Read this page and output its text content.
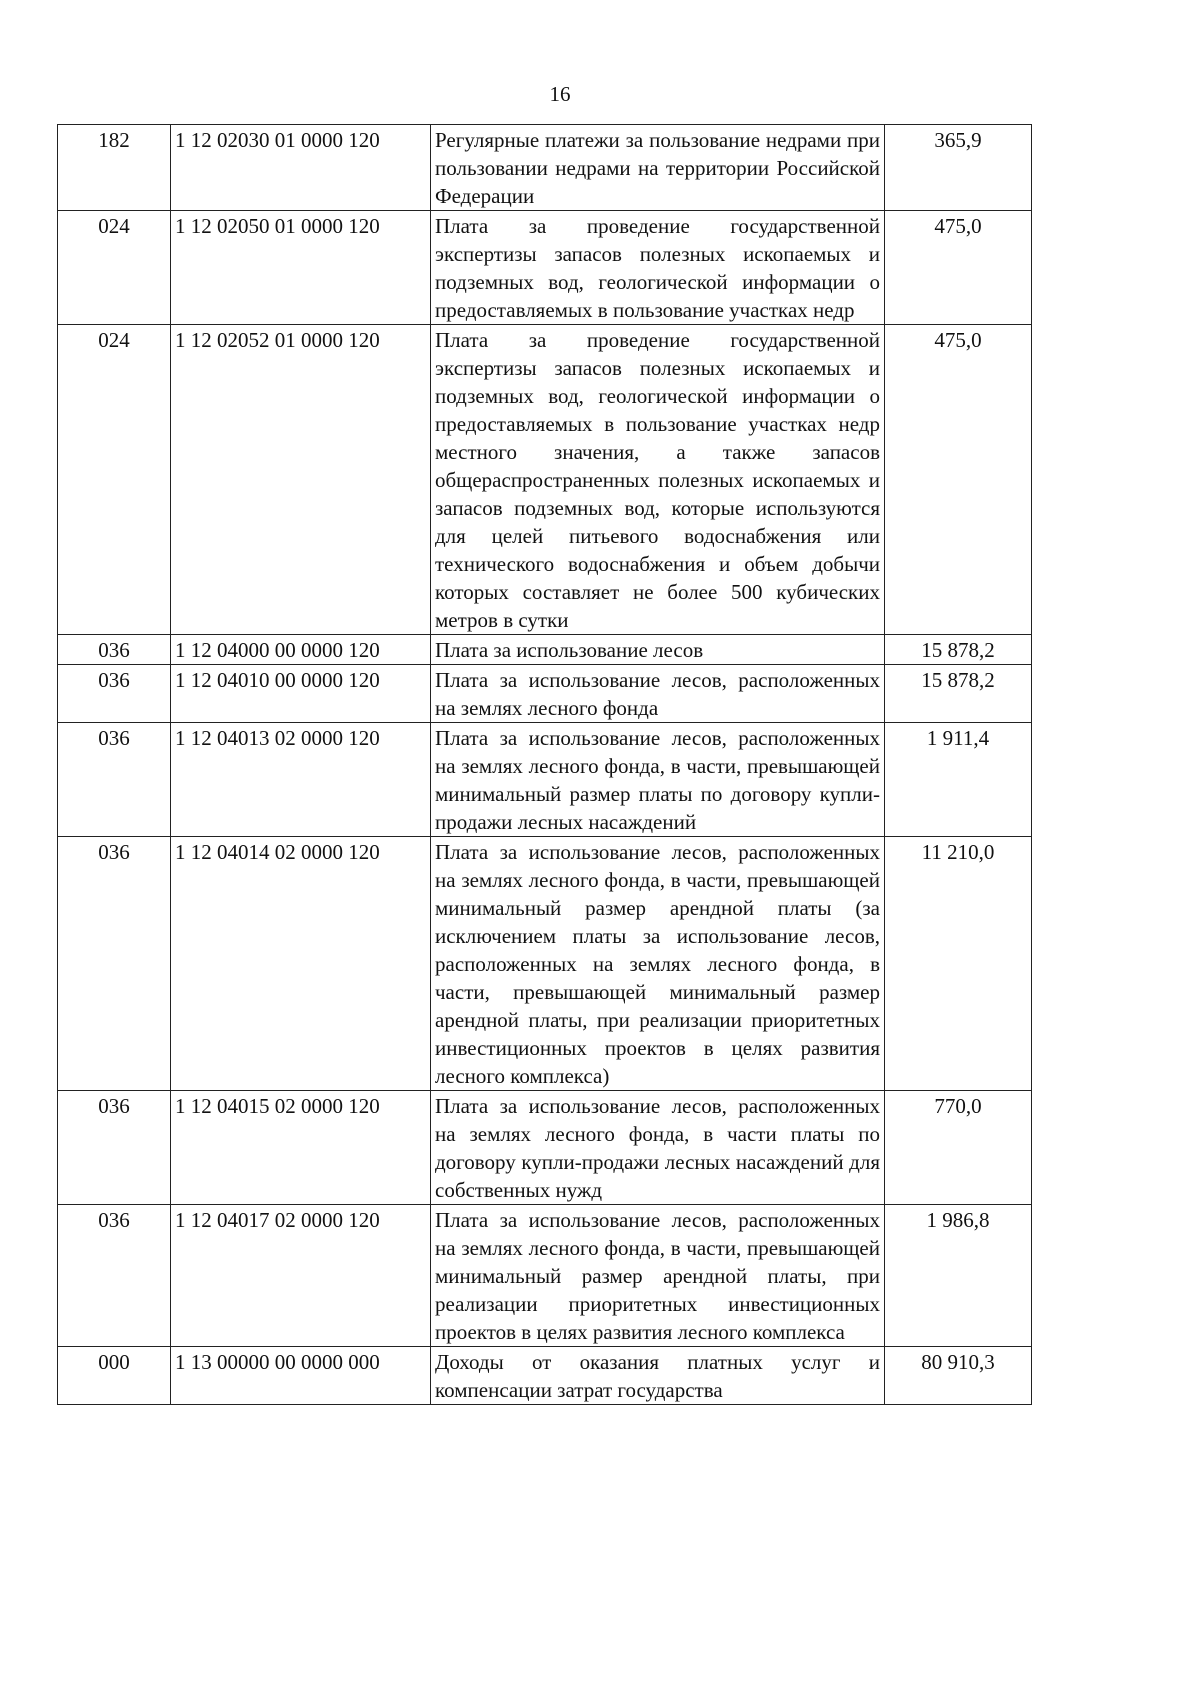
16
182	1 12 02030 01 0000 120	Регулярные платежи за пользование недрами при пользовании недрами на территории Российской Федерации	365,9
024	1 12 02050 01 0000 120	Плата за проведение государственной экспертизы запасов полезных ископаемых и подземных вод, геологической информации о предоставляемых в пользование участках недр	475,0
024	1 12 02052 01 0000 120	Плата за проведение государственной экспертизы запасов полезных ископаемых и подземных вод, геологической информации о предоставляемых в пользование участках недр местного значения, а также запасов общераспространенных полезных ископаемых и запасов подземных вод, которые используются для целей питьевого водоснабжения или технического водоснабжения и объем добычи которых составляет не более 500 кубических метров в сутки	475,0
036	1 12 04000 00 0000 120	Плата за использование лесов	15 878,2
036	1 12 04010 00 0000 120	Плата за использование лесов, расположенных на землях лесного фонда	15 878,2
036	1 12 04013 02 0000 120	Плата за использование лесов, расположенных на землях лесного фонда, в части, превышающей минимальный размер платы по договору купли-продажи лесных насаждений	1 911,4
036	1 12 04014 02 0000 120	Плата за использование лесов, расположенных на землях лесного фонда, в части, превышающей минимальный размер арендной платы (за исключением платы за использование лесов, расположенных на землях лесного фонда, в части, превышающей минимальный размер арендной платы, при реализации приоритетных инвестиционных проектов в целях развития лесного комплекса)	11 210,0
036	1 12 04015 02 0000 120	Плата за использование лесов, расположенных на землях лесного фонда, в части платы по договору купли-продажи лесных насаждений для собственных нужд	770,0
036	1 12 04017 02 0000 120	Плата за использование лесов, расположенных на землях лесного фонда, в части, превышающей минимальный размер арендной платы, при реализации приоритетных инвестиционных проектов в целях развития лесного комплекса	1 986,8
000	1 13 00000 00 0000 000	Доходы от оказания платных услуг и компенсации затрат государства	80 910,3
